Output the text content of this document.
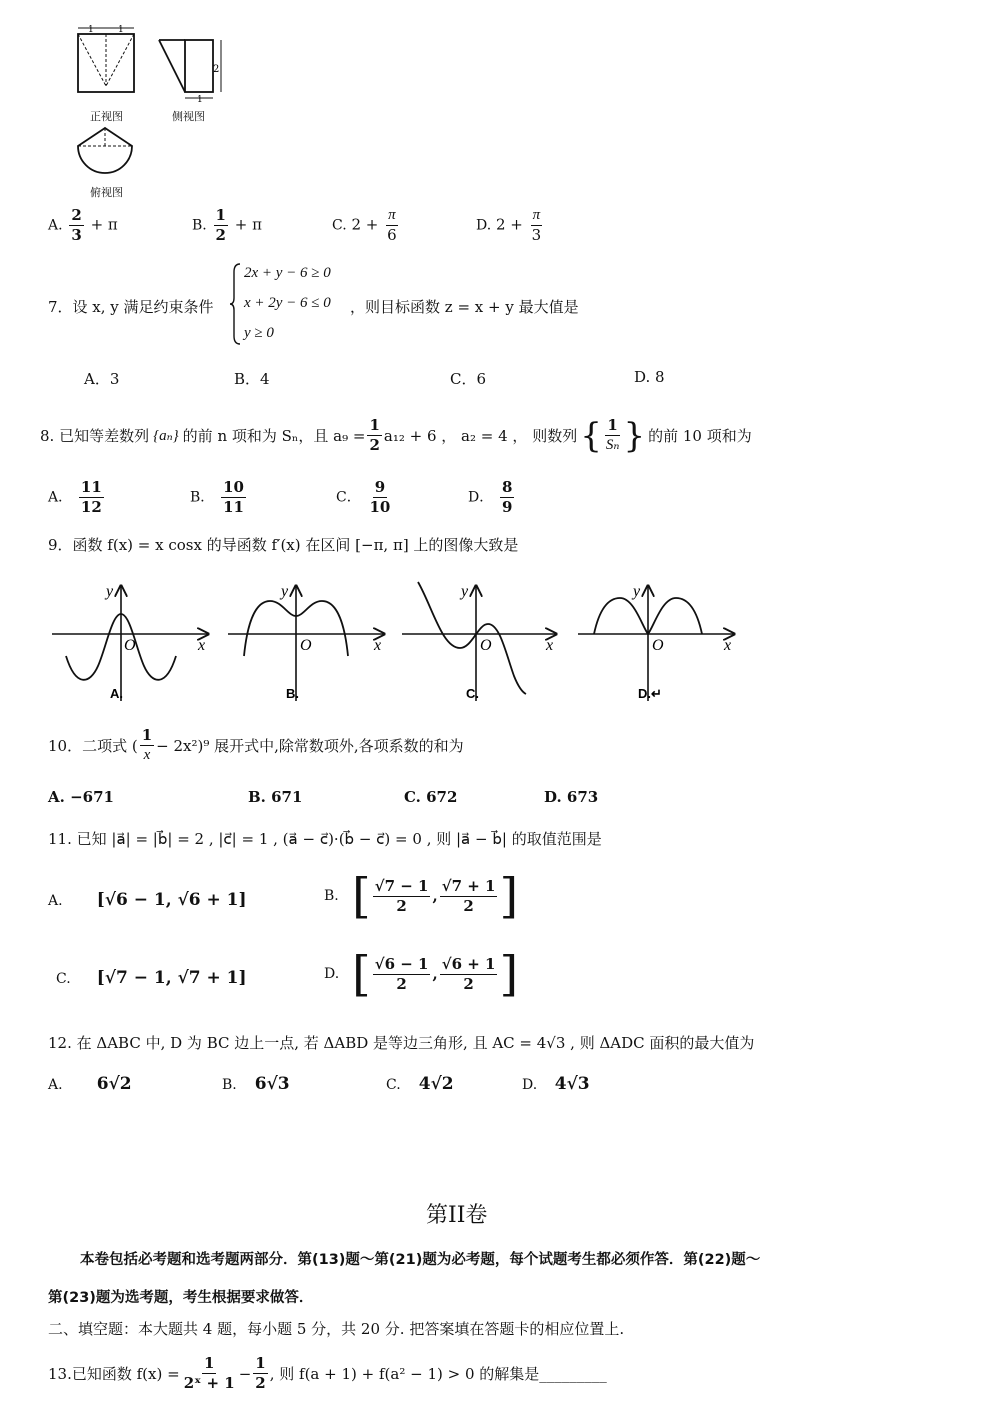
1	1
正视图
2
1
侧视图
俯视图
A. $\frac{2}{3} + \pi$	B. $\frac{1}{2} + \pi$	C. $2 + \frac{\pi}{6}$	D. $2 + \frac{\pi}{3}$
7．设 x, y 满足约束条件
2x + y − 6 ≥ 0
x + 2y − 6 ≤ 0
y ≥ 0
，则目标函数 z = x + y 最大值是
A．3	B．4	C．6	D. 8
8. 已知等差数列 {aₙ} 的前 n 项和为 Sₙ，且 $a_9 = \frac{1}{2} a_{12} + 6$ ， a₂ = 4 ， 则数列 { $\frac{1}{\text{Sₙ}}$ } 的前 10 项和为
A． $\frac{11}{12}$	B． $\frac{10}{11}$	C． $\frac{9}{10}$	D． $\frac{8}{9}$
9．函数 f(x) = x cosx 的导函数 f′(x) 在区间 [−π, π] 上的图像大致是
y
x
O
A.
y
x
O
B.
y
x
O
C.
y
x
O
D.↵
10．二项式 ( $\frac{1}{x} - 2x^2)^9$ 展开式中,除常数项外,各项系数的和为
A. −671	B. 671	C. 672	D. 673
11. 已知 |a⃗| = |b⃗| = 2 , |c⃗| = 1 , (a⃗ − c⃗)·(b⃗ − c⃗) = 0 , 则 |a⃗ − b⃗| 的取值范围是
A. [√6 − 1, √6 + 1]	B. [ $\frac{√7 - 1}{2}$ , $\frac{√7 + 1}{2}$ ]
C. [√7 − 1, √7 + 1]	D. [ $\frac{√6 - 1}{2}$ , $\frac{√6 + 1}{2}$ ]
12. 在 ΔABC 中, D 为 BC 边上一点, 若 ΔABD 是等边三角形, 且 AC = 4√3 , 则 ΔADC 面积的最大值为
A. 6√2	B. 6√3	C. 4√2	D. 4√3
第II卷
本卷包括必考题和选考题两部分．第(13)题～第(21)题为必考题，每个试题考生都必须作答．第(22)题～
第(23)题为选考题，考生根据要求做答．
二、填空题：本大题共 4 题，每小题 5 分，共 20 分. 把答案填在答题卡的相应位置上.
13.已知函数 $f(x) = \frac{1}{\text{2ˣ + 1}} - \frac{1}{2}$ , 则 f(a + 1) + f(a² − 1) > 0 的解集是_________
